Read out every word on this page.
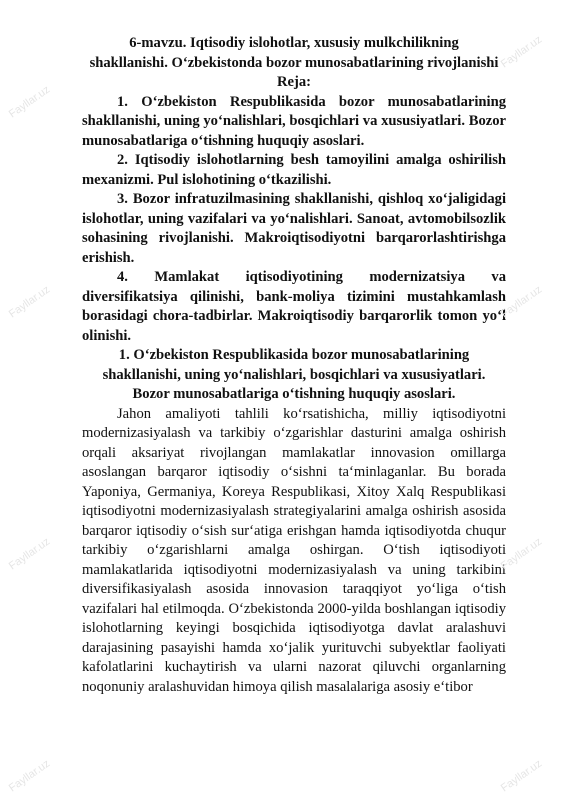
6-mavzu. Iqtisodiy islohotlar, xususiy mulkchilikning

shakllanishi. O‘zbekistonda bozor munosabatlarining rivojlanishi

Reja:

1. O‘zbekiston Respublikasida bozor munosabatlarining shakllanishi, uning yo‘nalishlari, bosqichlari va xususiyatlari. Bozor munosabatlariga o‘tishning huquqiy asoslari.

2. Iqtisodiy islohotlarning besh tamoyilini amalga oshirilish mexanizmi. Pul islohotining o‘tkazilishi.

3. Bozor infratuzilmasining shakllanishi, qishloq xo‘jaligidagi islohotlar, uning vazifalari va yo‘nalishlari. Sanoat, avtomobilsozlik sohasining rivojlanishi. Makroiqtisodiyotni barqarorlashtirishga erishish.

4. Mamlakat iqtisodiyotining modernizatsiya va diversifikatsiya qilinishi, bank-moliya tizimini mustahkamlash borasidagi chora-tadbirlar. Makroiqtisodiy barqarorlik tomon yo‘l olinishi.

1. O‘zbekiston Respublikasida bozor munosabatlarining shakllanishi, uning yo‘nalishlari, bosqichlari va xususiyatlari. Bozor munosabatlariga o‘tishning huquqiy asoslari.

Jahon amaliyoti tahlili ko‘rsatishicha, milliy iqtisodiyotni modernizasiyalash va tarkibiy o‘zgarishlar dasturini amalga oshirish orqali aksariyat rivojlangan mamlakatlar innovasion omillarga asoslangan barqaror iqtisodiy o‘sishni ta‘minlaganlar. Bu borada Yaponiya, Germaniya, Koreya Respublikasi, Xitoy Xalq Respublikasi iqtisodiyotni modernizasiyalash strategiyalarini amalga oshirish asosida barqaror iqtisodiy o‘sish sur‘atiga erishgan hamda iqtisodiyotda chuqur tarkibiy o‘zgarishlarni amalga oshirgan. O‘tish iqtisodiyoti mamlakatlarida iqtisodiyotni modernizasiyalash va uning tarkibini diversifikasiyalash asosida innovasion taraqqiyot yo‘liga o‘tish vazifalari hal etilmoqda. O‘zbekistonda 2000-yilda boshlangan iqtisodiy islohotlarning keyingi bosqichida iqtisodiyotga davlat aralashuvi darajasining pasayishi hamda xo‘jalik yurituvchi subyektlar faoliyati kafolatlarini kuchaytirish va ularni nazorat qiluvchi organlarning noqonuniy aralashuvidan himoya qilish masalalariga asosiy e‘tibor

Fayllar.uz
Fayllar.uz
Fayllar.uz
Fayllar.uz
Fayllar.uz
Fayllar.uz
Fayllar.uz
Fayllar.uz
